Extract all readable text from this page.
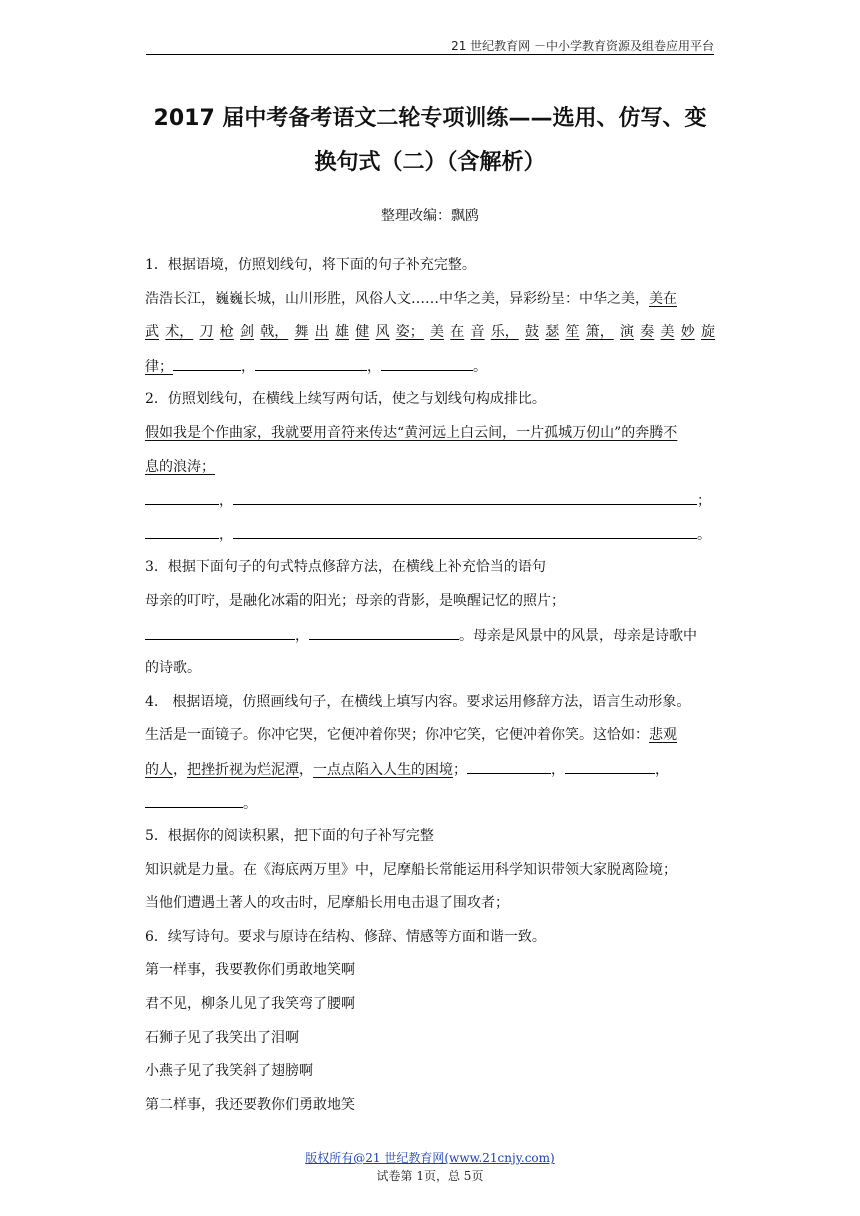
21 世纪教育网 －中小学教育资源及组卷应用平台
2017 届中考备考语文二轮专项训练——选用、仿写、变
换句式（二）（含解析）
整理改编：飘鸥
1．根据语境，仿照划线句，将下面的句子补充完整。
浩浩长江，巍巍长城，山川形胜，风俗人文……中华之美，异彩纷呈：中华之美，美在
武 术， 刀 枪 剑 戟， 舞 出 雄 健 风 姿； 美 在 音 乐， 鼓 瑟 笙 箫， 演 奏 美 妙 旋
律；	，	，	。
2．仿照划线句，在横线上续写两句话，使之与划线句构成排比。
假如我是个作曲家，我就要用音符来传达“黄河远上白云间，一片孤城万仞山”的奔腾不
息的浪涛；
，	；
，	。
3．根据下面句子的句式特点修辞方法，在横线上补充恰当的语句
母亲的叮咛，是融化冰霜的阳光；母亲的背影，是唤醒记忆的照片；
，	。母亲是风景中的风景，母亲是诗歌中
的诗歌。
4.　根据语境，仿照画线句子，在横线上填写内容。要求运用修辞方法，语言生动形象。
生活是一面镜子。你冲它哭，它便冲着你哭；你冲它笑，它便冲着你笑。这恰如：悲观
的人，把挫折视为烂泥潭，一点点陷入人生的困境；	，	，
。
5．根据你的阅读积累，把下面的句子补写完整
知识就是力量。在《海底两万里》中，尼摩船长常能运用科学知识带领大家脱离险境；
当他们遭遇土著人的攻击时，尼摩船长用电击退了围攻者；
6．续写诗句。要求与原诗在结构、修辞、情感等方面和谐一致。
第一样事，我要教你们勇敢地笑啊
君不见，柳条儿见了我笑弯了腰啊
石狮子见了我笑出了泪啊
小燕子见了我笑斜了翅膀啊
第二样事，我还要教你们勇敢地笑
版权所有@21 世纪教育网(www.21cnjy.com)
试卷第 1页，总 5页
